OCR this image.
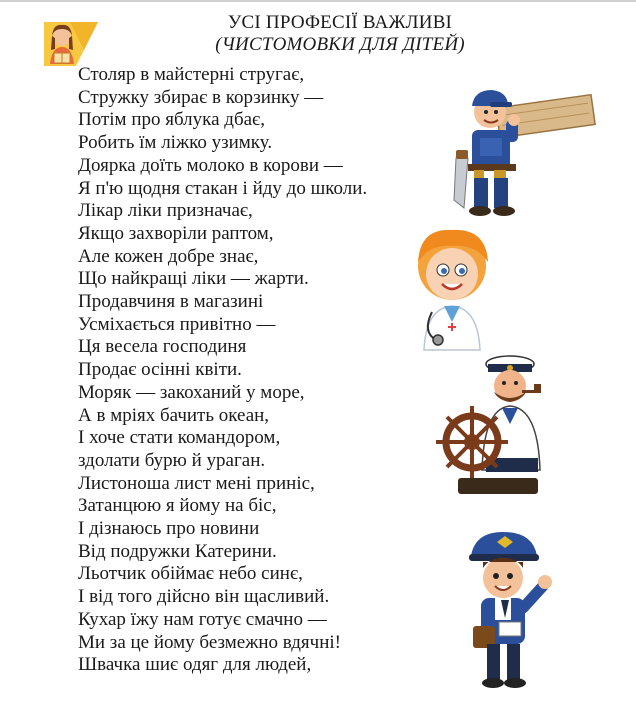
УСІ ПРОФЕСІЇ ВАЖЛИВІ
(ЧИСТОМОВКИ ДЛЯ ДІТЕЙ)
Столяр в майстерні стругає,
Стружку збирає в корзинку —
Потім про яблука дбає,
Робить їм ліжко узимку.
Доярка доїть молоко в корови —
Я п'ю щодня стакан і йду до школи.
Лікар ліки призначає,
Якщо захворіли раптом,
Але кожен добре знає,
Що найкращі ліки — жарти.
Продавчиня в магазині
Усміхається привітно —
Ця весела господиня
Продає осінні квіти.
Моряк — закоханий у море,
А в мріях бачить океан,
І хоче стати командором,
здолати бурю й ураган.
Листоноша лист мені приніс,
Затанцюю я йому на біс,
І дізнаюсь про новини
Від подружки Катерини.
Льотчик обіймає небо синє,
І від того дійсно він щасливий.
Кухар їжу нам готує смачно —
Ми за це йому безмежно вдячні!
Швачка шиє одяг для людей,
